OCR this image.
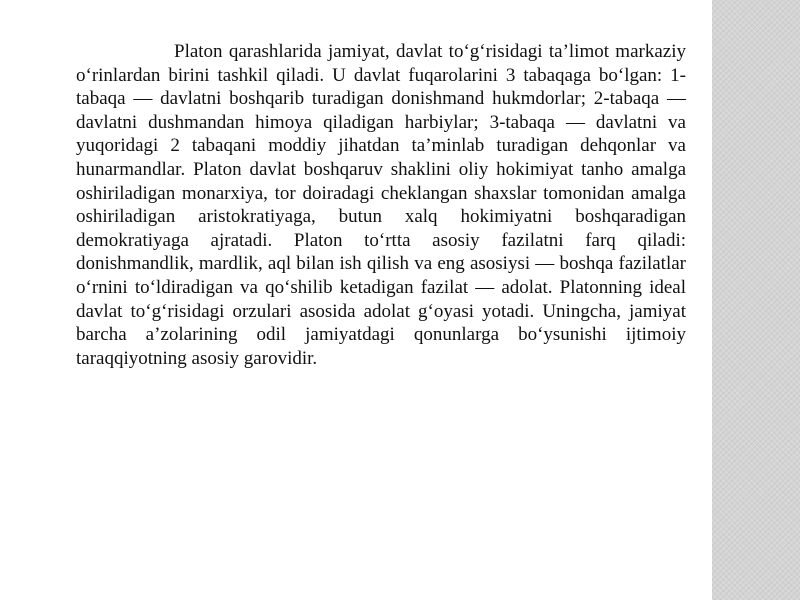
Platon qarashlarida jamiyat, davlat to‘g‘risidagi ta’limot markaziy o‘rinlardan birini tashkil qiladi. U davlat fuqarolarini 3 tabaqaga bo‘lgan: 1-tabaqa — davlatni boshqarib turadigan donishmand hukmdorlar; 2-tabaqa — davlatni dushmandan himoya qiladigan harbiylar; 3-tabaqa — davlatni va yuqoridagi 2 tabaqani moddiy jihatdan ta’minlab turadigan dehqonlar va hunarmandlar. Platon davlat boshqaruv shaklini oliy hokimiyat tanho amalga oshiriladigan monarxiya, tor doiradagi cheklangan shaxslar tomonidan amalga oshiriladigan aristokratiyaga, butun xalq hokimiyatni boshqaradigan demokratiyaga ajratadi. Platon to‘rtta asosiy fazilatni farq qiladi: donishmandlik, mardlik, aql bilan ish qilish va eng asosiysi — boshqa fazilatlar o‘rnini to‘ldiradigan va qo‘shilib ketadigan fazilat — adolat. Platonning ideal davlat to‘g‘risidagi orzulari asosida adolat g‘oyasi yotadi. Uningcha, jamiyat barcha a’zolarining odil jamiyatdagi qonunlarga bo‘ysunishi ijtimoiy taraqqiyotning asosiy garovidir.
